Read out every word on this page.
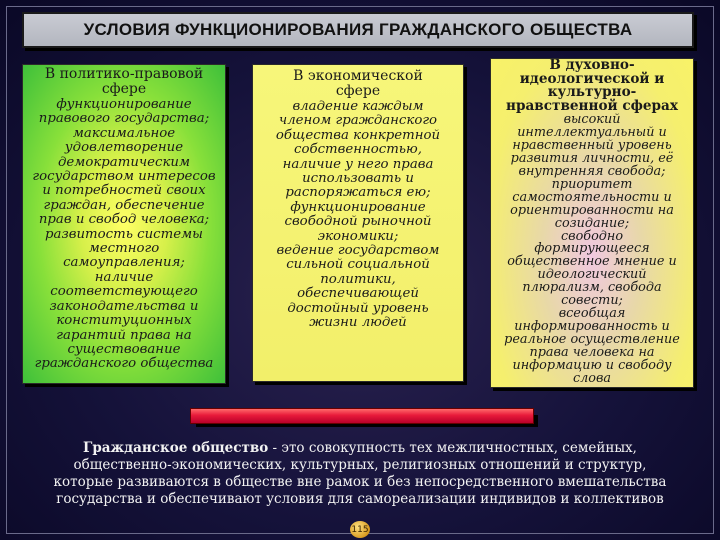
УСЛОВИЯ ФУНКЦИОНИРОВАНИЯ ГРАЖДАНСКОГО ОБЩЕСТВА
В политико-правовой
сфере
функционирование
правового государства;
максимальное
удовлетворение
демократическим
государством интересов
и потребностей своих
граждан, обеспечение
прав и свобод человека;
развитость системы
местного
самоуправления;
наличие
соответствующего
законодательства и
конституционных
гарантий права на
существование
гражданского общества
В экономической
сфере
владение каждым
членом гражданского
общества конкретной
собственностью,
наличие у него права
использовать и
распоряжаться ею;
функционирование
свободной рыночной
экономики;
ведение государством
сильной социальной
политики,
обеспечивающей
достойный уровень
жизни людей
В духовно-
идеологической и
культурно-
нравственной сферах
высокий
интеллектуальный и
нравственный уровень
развития личности, её
внутренняя свобода;
приоритет
самостоятельности и
ориентированности на
созидание;
свободно
формирующееся
общественное мнение и
идеологический
плюрализм, свобода
совести;
всеобщая
информированность и
реальное осуществление
права человека на
информацию и свободу
слова
Гражданское общество - это совокупность тех межличностных, семейных,
общественно-экономических, культурных, религиозных отношений и структур,
которые развиваются в обществе вне рамок и без непосредственного вмешательства
государства и обеспечивают условия для самореализации индивидов и коллективов
115
